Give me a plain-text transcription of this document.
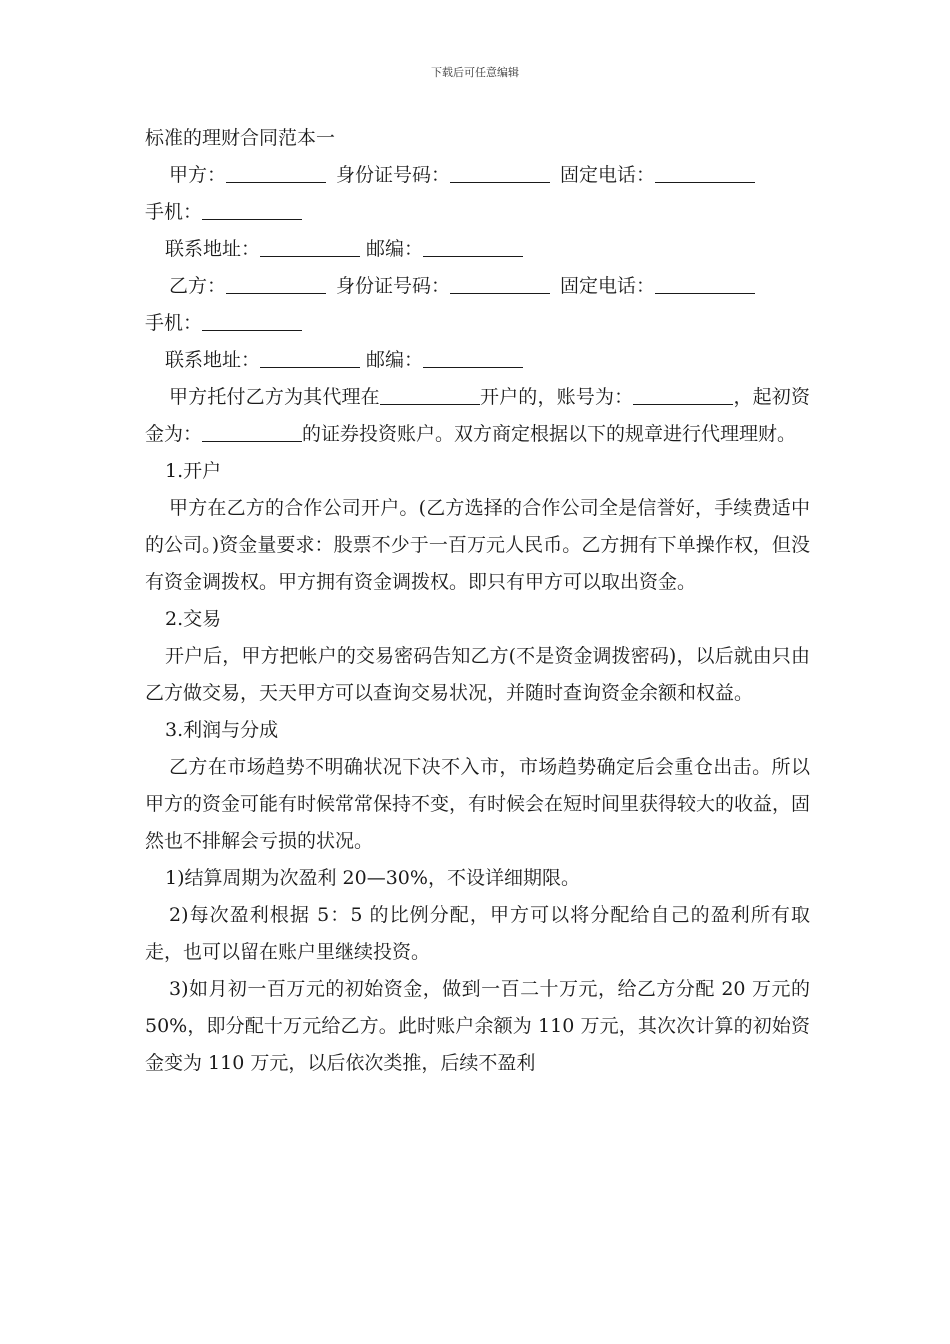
下载后可任意编辑
标准的理财合同范本一
甲方：	身份证号码：	固定电话：
手机：
联系地址：	邮编：
乙方：	身份证号码：	固定电话：
手机：
联系地址：	邮编：
甲方托付乙方为其代理在	开户的，账号为：	，起初资金为：	的证券投资账户。双方商定根据以下的规章进行代理理财。
1.开户
甲方在乙方的合作公司开户。(乙方选择的合作公司全是信誉好，手续费适中的公司。)资金量要求：股票不少于一百万元人民币。乙方拥有下单操作权，但没有资金调拨权。甲方拥有资金调拨权。即只有甲方可以取出资金。
2.交易
开户后，甲方把帐户的交易密码告知乙方(不是资金调拨密码)，以后就由只由乙方做交易，天天甲方可以查询交易状况，并随时查询资金余额和权益。
3.利润与分成
乙方在市场趋势不明确状况下决不入市，市场趋势确定后会重仓出击。所以甲方的资金可能有时候常常保持不变，有时候会在短时间里获得较大的收益，固然也不排解会亏损的状况。
1)结算周期为次盈利 20—30%，不设详细期限。
2)每次盈利根据 5：5 的比例分配，甲方可以将分配给自己的盈利所有取走，也可以留在账户里继续投资。
3)如月初一百万元的初始资金，做到一百二十万元，给乙方分配 20 万元的 50%，即分配十万元给乙方。此时账户余额为 110 万元，其次次计算的初始资金变为 110 万元，以后依次类推，后续不盈利
